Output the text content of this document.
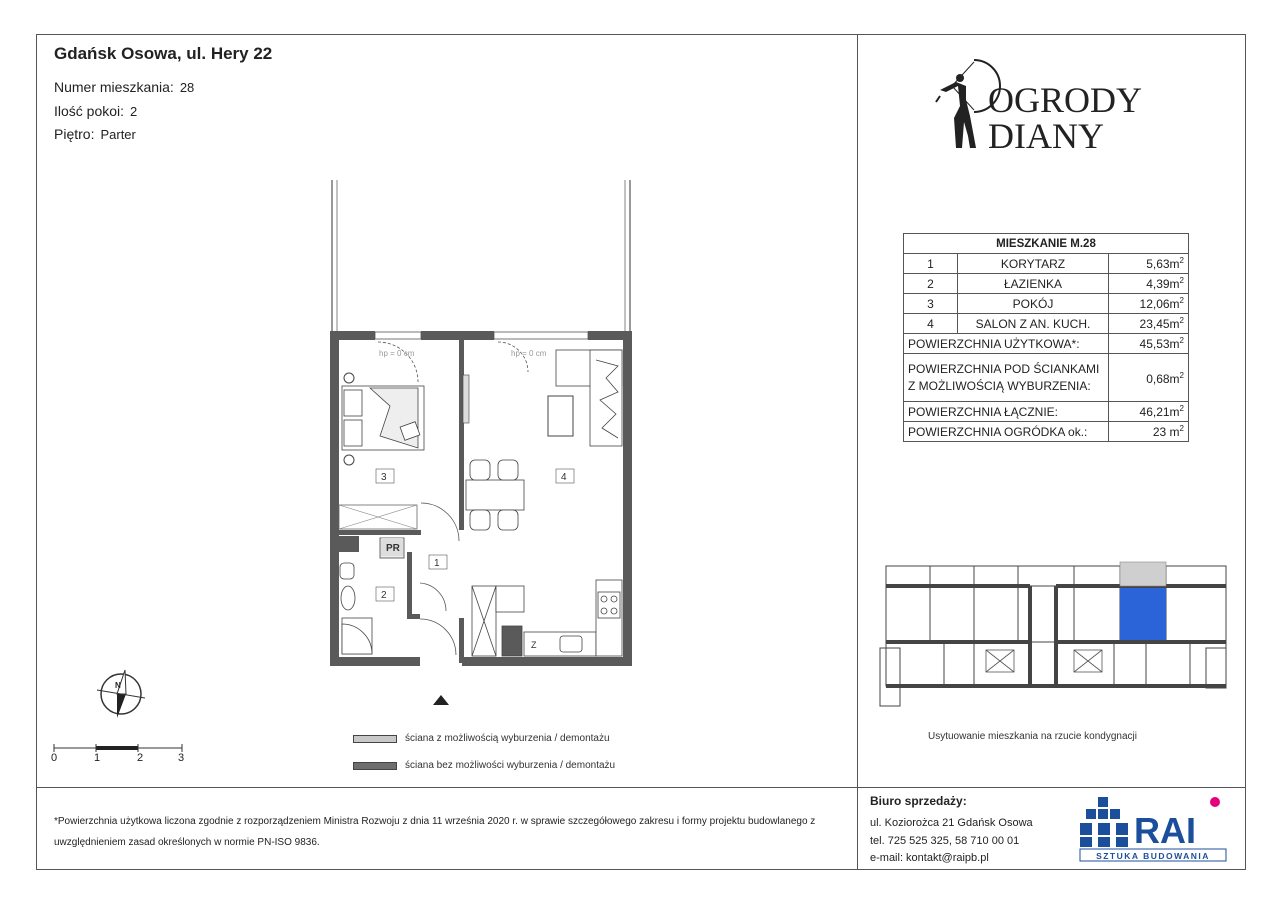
Gdańsk Osowa, ul. Hery 22
Numer mieszkania: 28
Ilość pokoi: 2
Piętro: Parter
3	4
1
2
PR
Z
hp = 0 cm	hp = 0 cm
N
0	1	2	3
ściana z możliwością wyburzenia / demontażu
ściana bez możliwości wyburzenia / demontażu
OGRODY
DIANY
MIESZKANIE M.28		
1	KORYTARZ	$5,63m^2$
2	ŁAZIENKA	$4,39m^2$
3	POKÓJ	$12,06m^2$
4	SALON Z AN. KUCH.	$23,45m^2$
POWIERZCHNIA UŻYTKOWA*:		$45,53m^2$
POWIERZCHNIA POD ŚCIANKAMI Z MOŻLIWOŚCIĄ WYBURZENIA:		$0,68m^2$
POWIERZCHNIA ŁĄCZNIE:		$46,21m^2$
POWIERZCHNIA OGRÓDKA ok.:		23 $m^2$
Usytuowanie mieszkania na rzucie kondygnacji
*Powierzchnia użytkowa liczona zgodnie z rozporządzeniem Ministra Rozwoju z dnia 11 września 2020 r. w sprawie szczegółowego zakresu i formy projektu budowlanego z uwzględnieniem zasad określonych w normie PN-ISO 9836.
Biuro sprzedaży:
ul. Koziorożca 21 Gdańsk Osowa
tel. 725 525 325, 58 710 00 01
e-mail: kontakt@raipb.pl
RAI
SZTUKA BUDOWANIA
